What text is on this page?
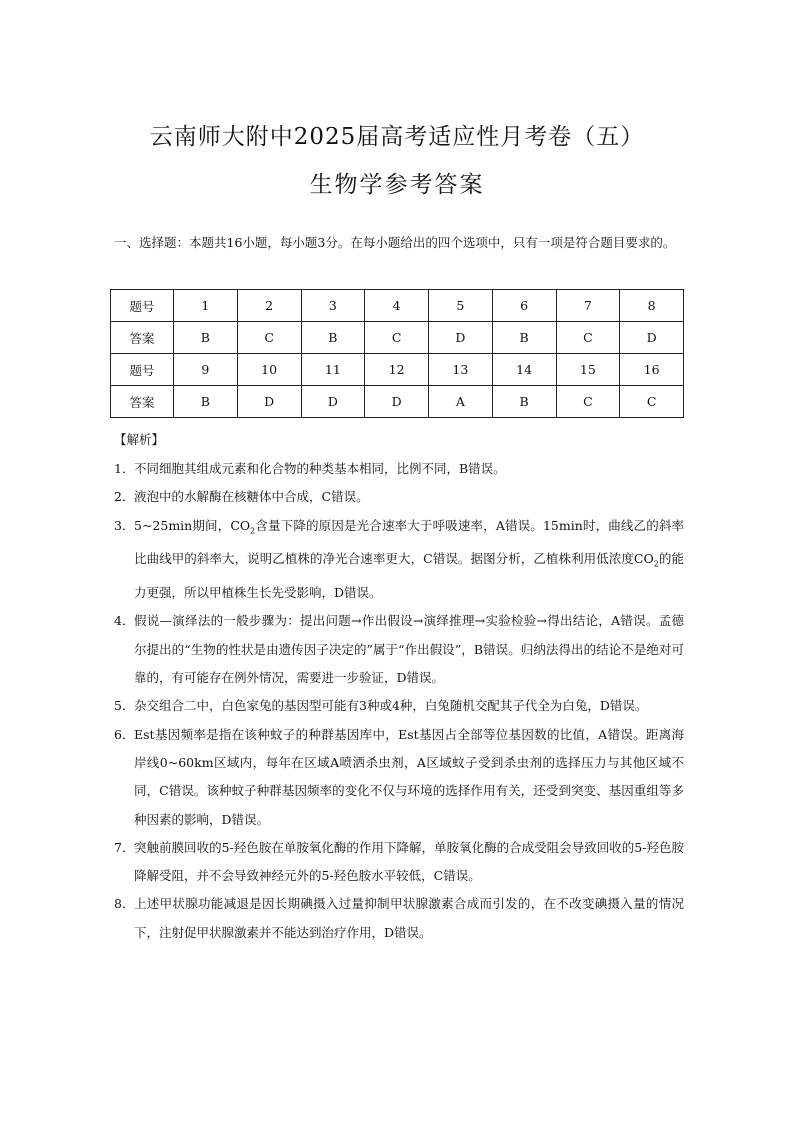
云南师大附中2025届高考适应性月考卷（五）
生物学参考答案
一、选择题：本题共16小题，每小题3分。在每小题给出的四个选项中，只有一项是符合题目要求的。
题号	1	2	3	4	5	6	7	8
答案	B	C	B	C	D	B	C	D
题号	9	10	11	12	13	14	15	16
答案	B	D	D	D	A	B	C	C
【解析】
1． 不同细胞其组成元素和化合物的种类基本相同，比例不同，B错误。
2． 液泡中的水解酶在核糖体中合成，C错误。
3． 5~25min期间，$CO_2$含量下降的原因是光合速率大于呼吸速率，A错误。15min时，曲线乙的斜率比曲线甲的斜率大，说明乙植株的净光合速率更大，C错误。据图分析，乙植株利用低浓度$CO_2$的能力更强，所以甲植株生长先受影响，D错误。
4． 假说—演绎法的一般步骤为：提出问题→作出假设→演绎推理→实验检验→得出结论，A错误。孟德尔提出的“生物的性状是由遗传因子决定的”属于“作出假设”，B错误。归纳法得出的结论不是绝对可靠的，有可能存在例外情况，需要进一步验证，D错误。
5． 杂交组合二中，白色家兔的基因型可能有3种或4种，白兔随机交配其子代全为白兔，D错误。
6． Est基因频率是指在该种蚊子的种群基因库中，Est基因占全部等位基因数的比值，A错误。距离海岸线0~60km区域内，每年在区域A喷洒杀虫剂，A区域蚊子受到杀虫剂的选择压力与其他区域不同，C错误。该种蚊子种群基因频率的变化不仅与环境的选择作用有关，还受到突变、基因重组等多种因素的影响，D错误。
7． 突触前膜回收的5-羟色胺在单胺氧化酶的作用下降解，单胺氧化酶的合成受阻会导致回收的5-羟色胺降解受阻，并不会导致神经元外的5-羟色胺水平较低，C错误。
8． 上述甲状腺功能减退是因长期碘摄入过量抑制甲状腺激素合成而引发的，在不改变碘摄入量的情况下，注射促甲状腺激素并不能达到治疗作用，D错误。
